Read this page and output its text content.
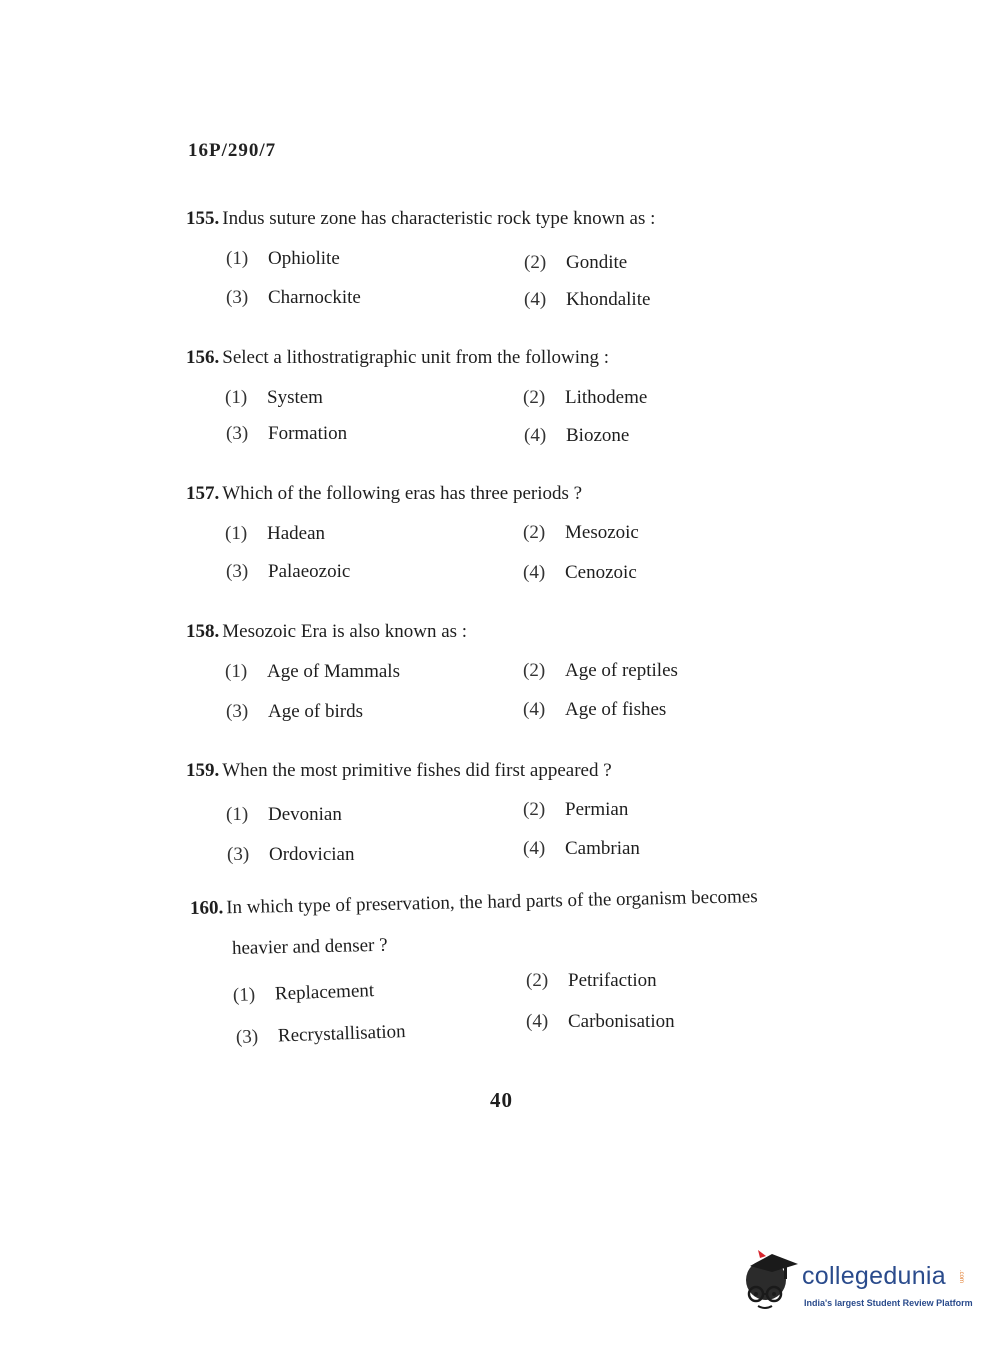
16P/290/7
155. Indus suture zone has characteristic rock type known as :
(1) Ophiolite	(2) Gondite
(3) Charnockite	(4) Khondalite
156. Select a lithostratigraphic unit from the following :
(1) System	(2) Lithodeme
(3) Formation	(4) Biozone
157. Which of the following eras has three periods ?
(1) Hadean	(2) Mesozoic
(3) Palaeozoic	(4) Cenozoic
158. Mesozoic Era is also known as :
(1) Age of Mammals	(2) Age of reptiles
(3) Age of birds	(4) Age of fishes
159. When the most primitive fishes did first appeared ?
(1) Devonian	(2) Permian
(3) Ordovician	(4) Cambrian
160. In which type of preservation, the hard parts of the organism becomes
heavier and denser ?
(1) Replacement	(2) Petrifaction
(3) Recrystallisation	(4) Carbonisation
40
collegedunia .com
India's largest Student Review Platform
